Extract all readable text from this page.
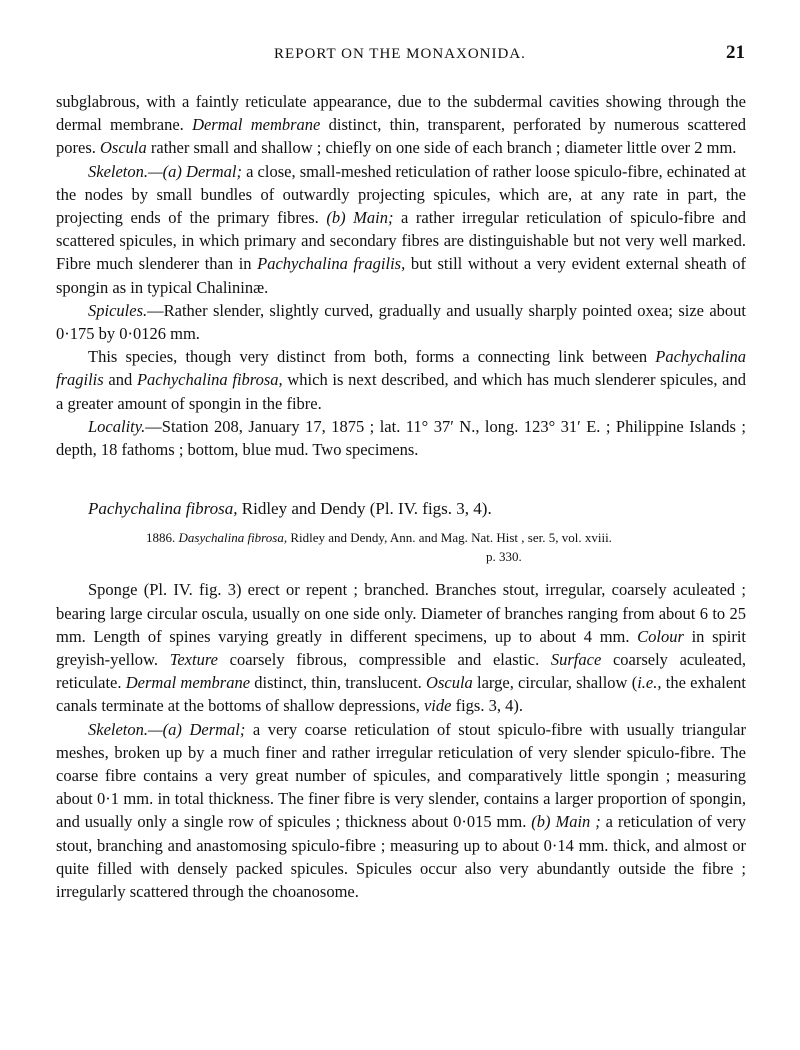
REPORT ON THE MONAXONIDA.	21

subglabrous, with a faintly reticulate appearance, due to the subdermal cavities showing through the dermal membrane. Dermal membrane distinct, thin, transparent, perforated by numerous scattered pores. Oscula rather small and shallow ; chiefly on one side of each branch ; diameter little over 2 mm.

Skeleton.—(a) Dermal; a close, small-meshed reticulation of rather loose spiculo-fibre, echinated at the nodes by small bundles of outwardly projecting spicules, which are, at any rate in part, the projecting ends of the primary fibres. (b) Main; a rather irregular reticulation of spiculo-fibre and scattered spicules, in which primary and secondary fibres are distinguishable but not very well marked. Fibre much slenderer than in Pachychalina fragilis, but still without a very evident external sheath of spongin as in typical Chalininæ.

Spicules.—Rather slender, slightly curved, gradually and usually sharply pointed oxea; size about 0·175 by 0·0126 mm.

This species, though very distinct from both, forms a connecting link between Pachychalina fragilis and Pachychalina fibrosa, which is next described, and which has much slenderer spicules, and a greater amount of spongin in the fibre.

Locality.—Station 208, January 17, 1875 ; lat. 11° 37′ N., long. 123° 31′ E. ; Philippine Islands ; depth, 18 fathoms ; bottom, blue mud. Two specimens.

Pachychalina fibrosa, Ridley and Dendy (Pl. IV. figs. 3, 4).

1886. Dasychalina fibrosa, Ridley and Dendy, Ann. and Mag. Nat. Hist , ser. 5, vol. xviii.
p. 330.

Sponge (Pl. IV. fig. 3) erect or repent ; branched. Branches stout, irregular, coarsely aculeated ; bearing large circular oscula, usually on one side only. Diameter of branches ranging from about 6 to 25 mm. Length of spines varying greatly in different specimens, up to about 4 mm. Colour in spirit greyish-yellow. Texture coarsely fibrous, compressible and elastic. Surface coarsely aculeated, reticulate. Dermal membrane distinct, thin, translucent. Oscula large, circular, shallow (i.e., the exhalent canals terminate at the bottoms of shallow depressions, vide figs. 3, 4).

Skeleton.—(a) Dermal; a very coarse reticulation of stout spiculo-fibre with usually triangular meshes, broken up by a much finer and rather irregular reticulation of very slender spiculo-fibre. The coarse fibre contains a very great number of spicules, and comparatively little spongin ; measuring about 0·1 mm. in total thickness. The finer fibre is very slender, contains a larger proportion of spongin, and usually only a single row of spicules ; thickness about 0·015 mm. (b) Main ; a reticulation of very stout, branching and anastomosing spiculo-fibre ; measuring up to about 0·14 mm. thick, and almost or quite filled with densely packed spicules. Spicules occur also very abundantly outside the fibre ; irregularly scattered through the choanosome.
